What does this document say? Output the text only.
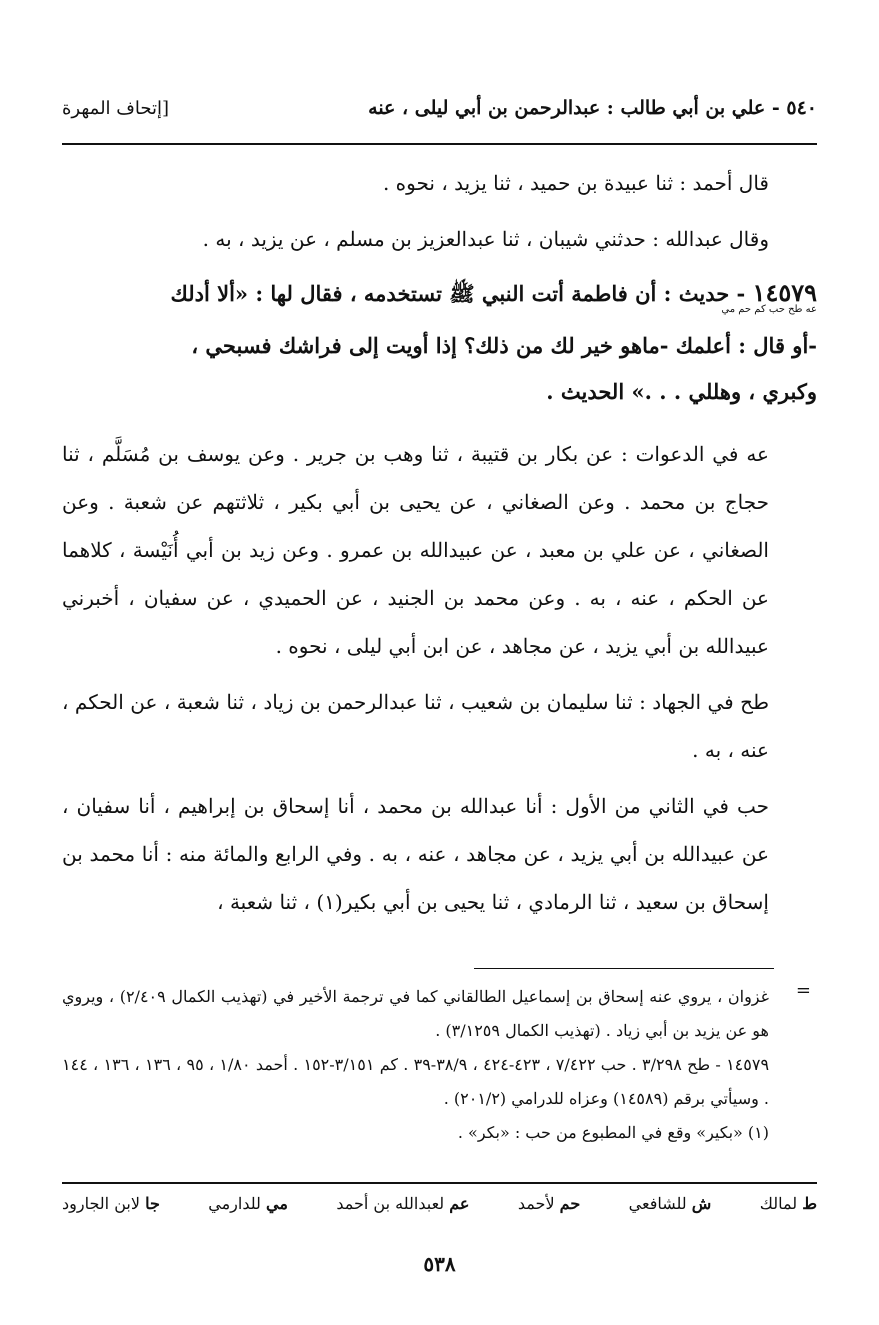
٥٤٠ - علي بن أبي طالب : عبدالرحمن بن أبي ليلى ، عنه
[إتحاف المهرة

قال أحمد : ثنا عبيدة بن حميد ، ثنا يزيد ، نحوه .

وقال عبدالله : حدثني شيبان ، ثنا عبدالعزيز بن مسلم ، عن يزيد ، به .

١٤٥٧٩ - حديث : أن فاطمة أتت النبي ﷺ تستخدمه ، فقال لها : «ألا أدلك
عه طح حب كم حم مي
-أو قال : أعلمك -ماهو خير لك من ذلك؟ إذا أويت إلى فراشك فسبحي ،
وكبري ، وهللي . . .» الحديث .

عه في الدعوات : عن بكار بن قتيبة ، ثنا وهب بن جرير . وعن يوسف بن مُسَلَّم ، ثنا حجاج بن محمد . وعن الصغاني ، عن يحيى بن أبي بكير ، ثلاثتهم عن شعبة . وعن الصغاني ، عن علي بن معبد ، عن عبيدالله بن عمرو . وعن زيد بن أبي أُنَيْسة ، كلاهما عن الحكم ، عنه ، به . وعن محمد بن الجنيد ، عن الحميدي ، عن سفيان ، أخبرني عبيدالله بن أبي يزيد ، عن مجاهد ، عن ابن أبي ليلى ، نحوه .

طح في الجهاد : ثنا سليمان بن شعيب ، ثنا عبدالرحمن بن زياد ، ثنا شعبة ، عن الحكم ، عنه ، به .

حب في الثاني من الأول : أنا عبدالله بن محمد ، أنا إسحاق بن إبراهيم ، أنا سفيان ، عن عبيدالله بن أبي يزيد ، عن مجاهد ، عنه ، به . وفي الرابع والمائة منه : أنا محمد بن إسحاق بن سعيد ، ثنا الرمادي ، ثنا يحيى بن أبي بكير(١) ، ثنا شعبة ،

=

غزوان ، يروي عنه إسحاق بن إسماعيل الطالقاني كما في ترجمة الأخير في (تهذيب الكمال ٢/٤٠٩) ، ويروي هو عن يزيد بن أبي زياد . (تهذيب الكمال ٣/١٢٥٩) .

١٤٥٧٩ - طح ٣/٢٩٨ . حب ٧/٤٢٢ ، ٤٢٣-٤٢٤ ، ٣٨/٩-٣٩ . كم ٣/١٥١-١٥٢ . أحمد ١/٨٠ ، ٩٥ ، ١٣٦ ، ١٣٦ ، ١٤٤ . وسيأتي برقم (١٤٥٨٩) وعزاه للدرامي (٢٠١/٢) .

(١) «بكير» وقع في المطبوع من حب : «بكر» .

ط لمالك
ش للشافعي
حم لأحمد
عم لعبدالله بن أحمد
مي للدارمي
جا لابن الجارود
٥٣٨
